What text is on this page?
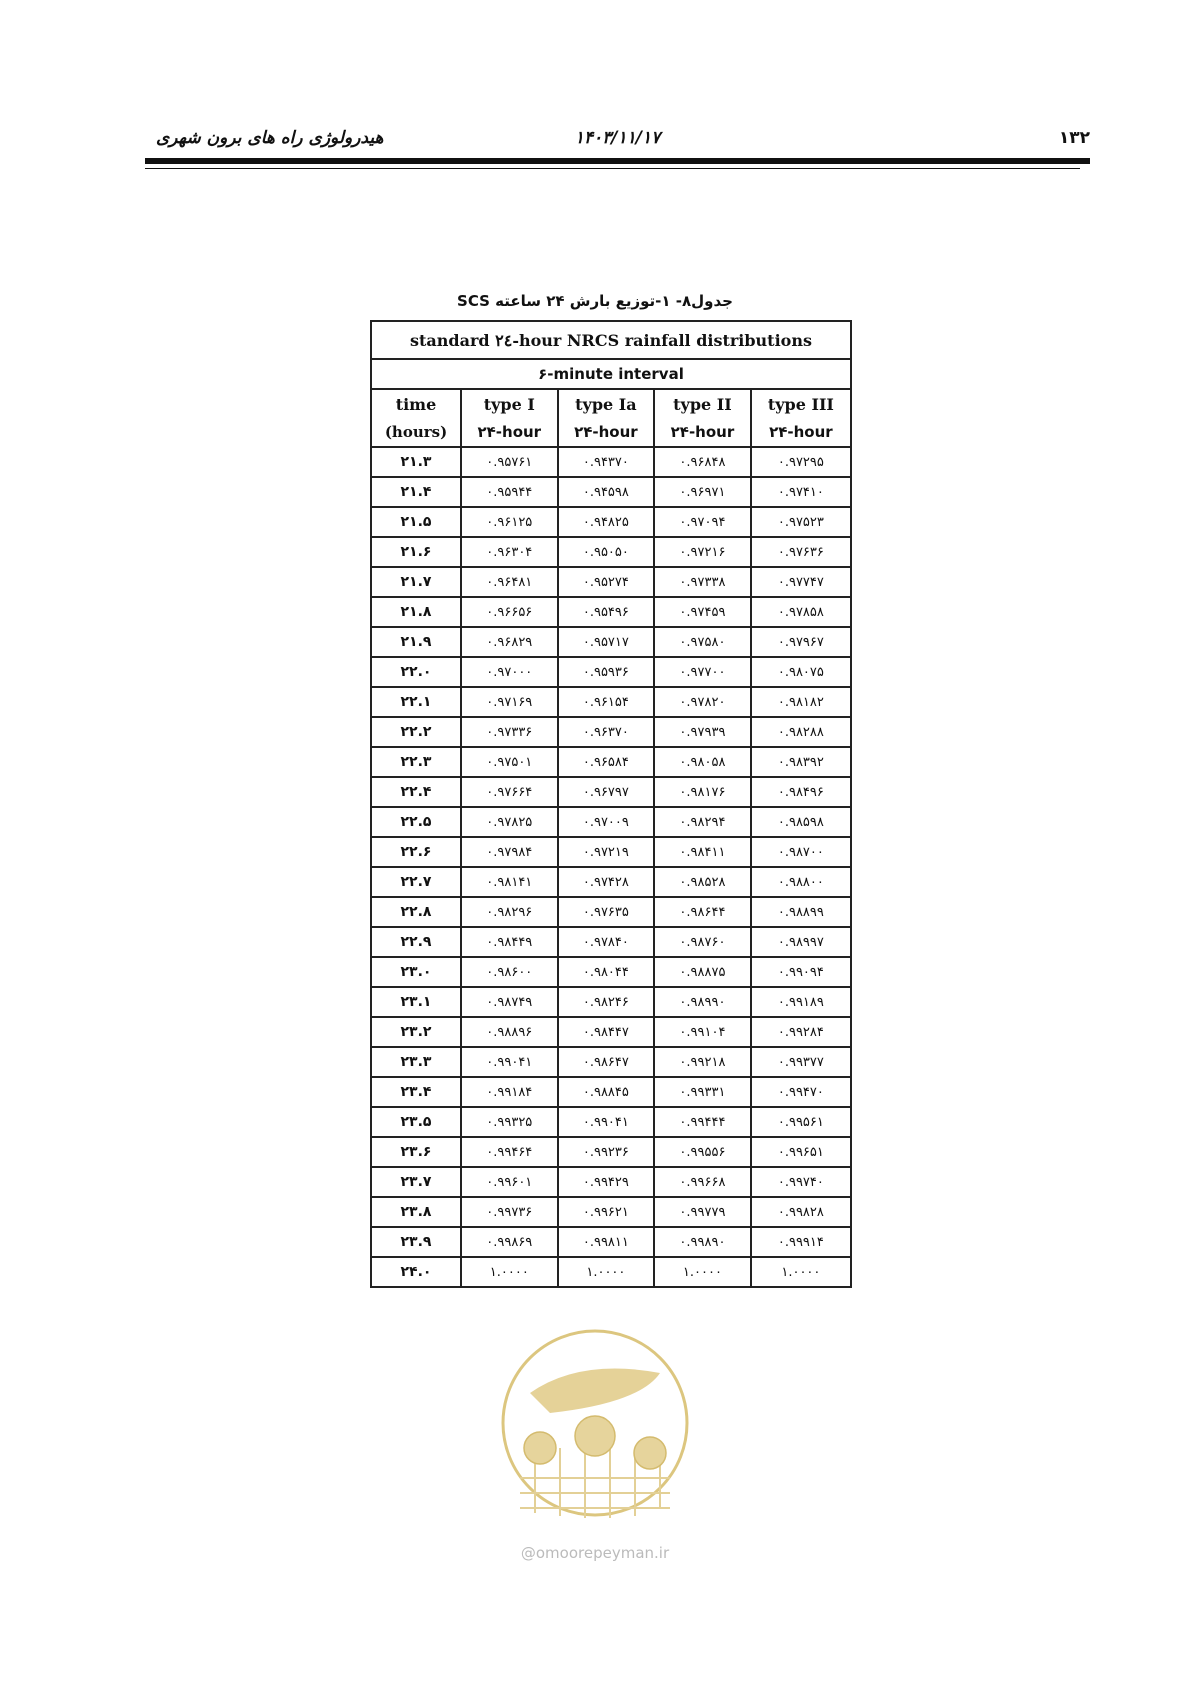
هیدرولوژی راه های برون شهری	۱۴۰۳/۱۱/۱۷	۱۳۲
جدول۸- ۱-توزیع بارش ۲۴ ساعته SCS
standard ۲٤-hour NRCS rainfall distributions				
۶-minute interval				
time	type I	type Ia	type II	type III
(hours)	۲۴-hour	۲۴-hour	۲۴-hour	۲۴-hour
۲۱.۳	۰.۹۵۷۶۱	۰.۹۴۳۷۰	۰.۹۶۸۴۸	۰.۹۷۲۹۵
۲۱.۴	۰.۹۵۹۴۴	۰.۹۴۵۹۸	۰.۹۶۹۷۱	۰.۹۷۴۱۰
۲۱.۵	۰.۹۶۱۲۵	۰.۹۴۸۲۵	۰.۹۷۰۹۴	۰.۹۷۵۲۳
۲۱.۶	۰.۹۶۳۰۴	۰.۹۵۰۵۰	۰.۹۷۲۱۶	۰.۹۷۶۳۶
۲۱.۷	۰.۹۶۴۸۱	۰.۹۵۲۷۴	۰.۹۷۳۳۸	۰.۹۷۷۴۷
۲۱.۸	۰.۹۶۶۵۶	۰.۹۵۴۹۶	۰.۹۷۴۵۹	۰.۹۷۸۵۸
۲۱.۹	۰.۹۶۸۲۹	۰.۹۵۷۱۷	۰.۹۷۵۸۰	۰.۹۷۹۶۷
۲۲.۰	۰.۹۷۰۰۰	۰.۹۵۹۳۶	۰.۹۷۷۰۰	۰.۹۸۰۷۵
۲۲.۱	۰.۹۷۱۶۹	۰.۹۶۱۵۴	۰.۹۷۸۲۰	۰.۹۸۱۸۲
۲۲.۲	۰.۹۷۳۳۶	۰.۹۶۳۷۰	۰.۹۷۹۳۹	۰.۹۸۲۸۸
۲۲.۳	۰.۹۷۵۰۱	۰.۹۶۵۸۴	۰.۹۸۰۵۸	۰.۹۸۳۹۲
۲۲.۴	۰.۹۷۶۶۴	۰.۹۶۷۹۷	۰.۹۸۱۷۶	۰.۹۸۴۹۶
۲۲.۵	۰.۹۷۸۲۵	۰.۹۷۰۰۹	۰.۹۸۲۹۴	۰.۹۸۵۹۸
۲۲.۶	۰.۹۷۹۸۴	۰.۹۷۲۱۹	۰.۹۸۴۱۱	۰.۹۸۷۰۰
۲۲.۷	۰.۹۸۱۴۱	۰.۹۷۴۲۸	۰.۹۸۵۲۸	۰.۹۸۸۰۰
۲۲.۸	۰.۹۸۲۹۶	۰.۹۷۶۳۵	۰.۹۸۶۴۴	۰.۹۸۸۹۹
۲۲.۹	۰.۹۸۴۴۹	۰.۹۷۸۴۰	۰.۹۸۷۶۰	۰.۹۸۹۹۷
۲۳.۰	۰.۹۸۶۰۰	۰.۹۸۰۴۴	۰.۹۸۸۷۵	۰.۹۹۰۹۴
۲۳.۱	۰.۹۸۷۴۹	۰.۹۸۲۴۶	۰.۹۸۹۹۰	۰.۹۹۱۸۹
۲۳.۲	۰.۹۸۸۹۶	۰.۹۸۴۴۷	۰.۹۹۱۰۴	۰.۹۹۲۸۴
۲۳.۳	۰.۹۹۰۴۱	۰.۹۸۶۴۷	۰.۹۹۲۱۸	۰.۹۹۳۷۷
۲۳.۴	۰.۹۹۱۸۴	۰.۹۸۸۴۵	۰.۹۹۳۳۱	۰.۹۹۴۷۰
۲۳.۵	۰.۹۹۳۲۵	۰.۹۹۰۴۱	۰.۹۹۴۴۴	۰.۹۹۵۶۱
۲۳.۶	۰.۹۹۴۶۴	۰.۹۹۲۳۶	۰.۹۹۵۵۶	۰.۹۹۶۵۱
۲۳.۷	۰.۹۹۶۰۱	۰.۹۹۴۲۹	۰.۹۹۶۶۸	۰.۹۹۷۴۰
۲۳.۸	۰.۹۹۷۳۶	۰.۹۹۶۲۱	۰.۹۹۷۷۹	۰.۹۹۸۲۸
۲۳.۹	۰.۹۹۸۶۹	۰.۹۹۸۱۱	۰.۹۹۸۹۰	۰.۹۹۹۱۴
۲۴.۰	۱.۰۰۰۰	۱.۰۰۰۰	۱.۰۰۰۰	۱.۰۰۰۰
@omoorepeyman.ir
